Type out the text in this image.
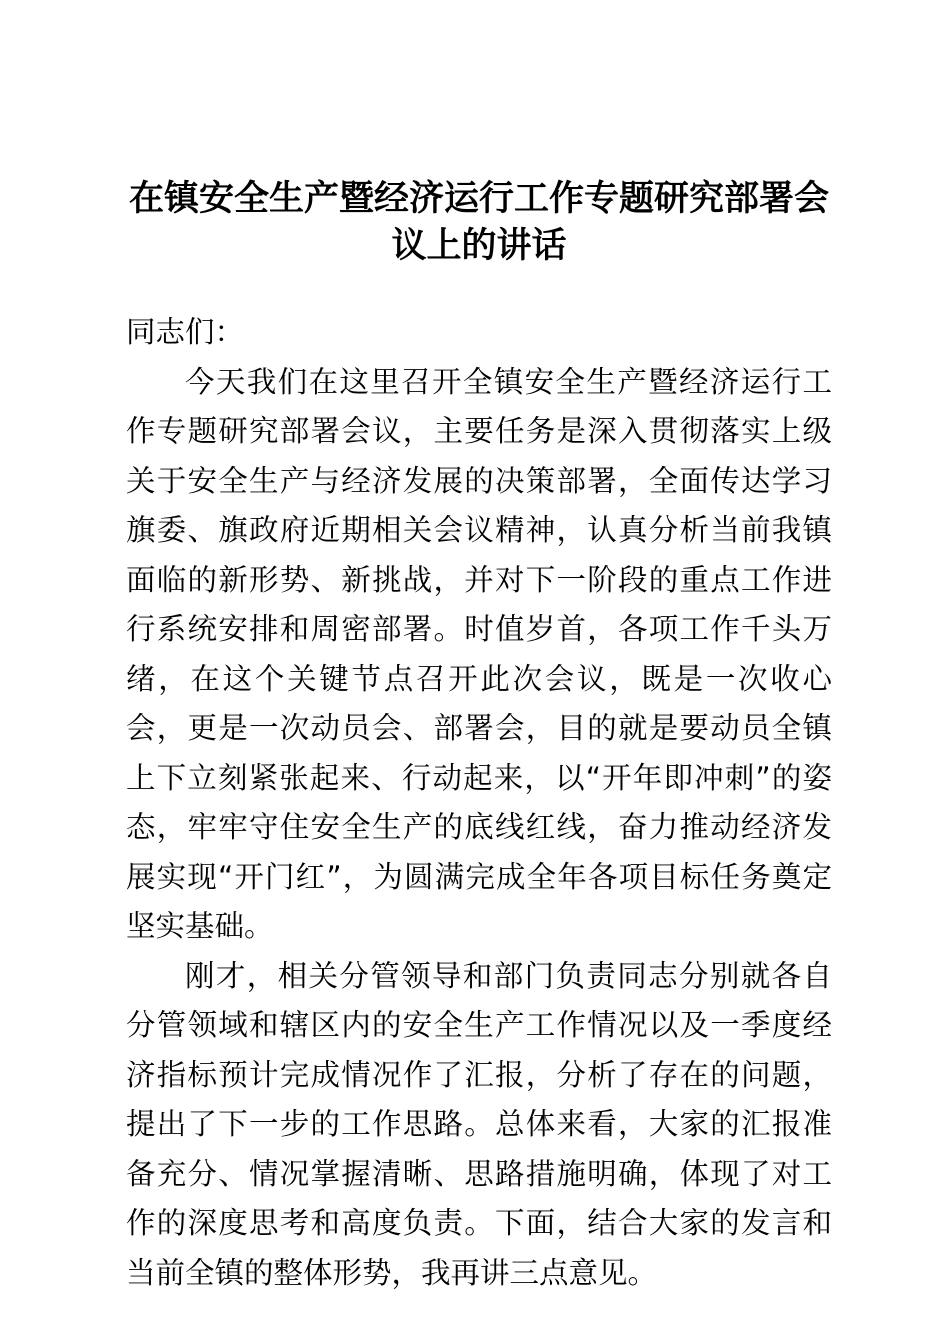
在镇安全生产暨经济运行工作专题研究部署会议上的讲话

同志们：

今天我们在这里召开全镇安全生产暨经济运行工作专题研究部署会议，主要任务是深入贯彻落实上级关于安全生产与经济发展的决策部署，全面传达学习旗委、旗政府近期相关会议精神，认真分析当前我镇面临的新形势、新挑战，并对下一阶段的重点工作进行系统安排和周密部署。时值岁首，各项工作千头万绪，在这个关键节点召开此次会议，既是一次收心会，更是一次动员会、部署会，目的就是要动员全镇上下立刻紧张起来、行动起来，以“开年即冲刺”的姿态，牢牢守住安全生产的底线红线，奋力推动经济发展实现“开门红”，为圆满完成全年各项目标任务奠定坚实基础。

刚才，相关分管领导和部门负责同志分别就各自分管领域和辖区内的安全生产工作情况以及一季度经济指标预计完成情况作了汇报，分析了存在的问题，提出了下一步的工作思路。总体来看，大家的汇报准备充分、情况掌握清晰、思路措施明确，体现了对工作的深度思考和高度负责。下面，结合大家的发言和当前全镇的整体形势，我再讲三点意见。
